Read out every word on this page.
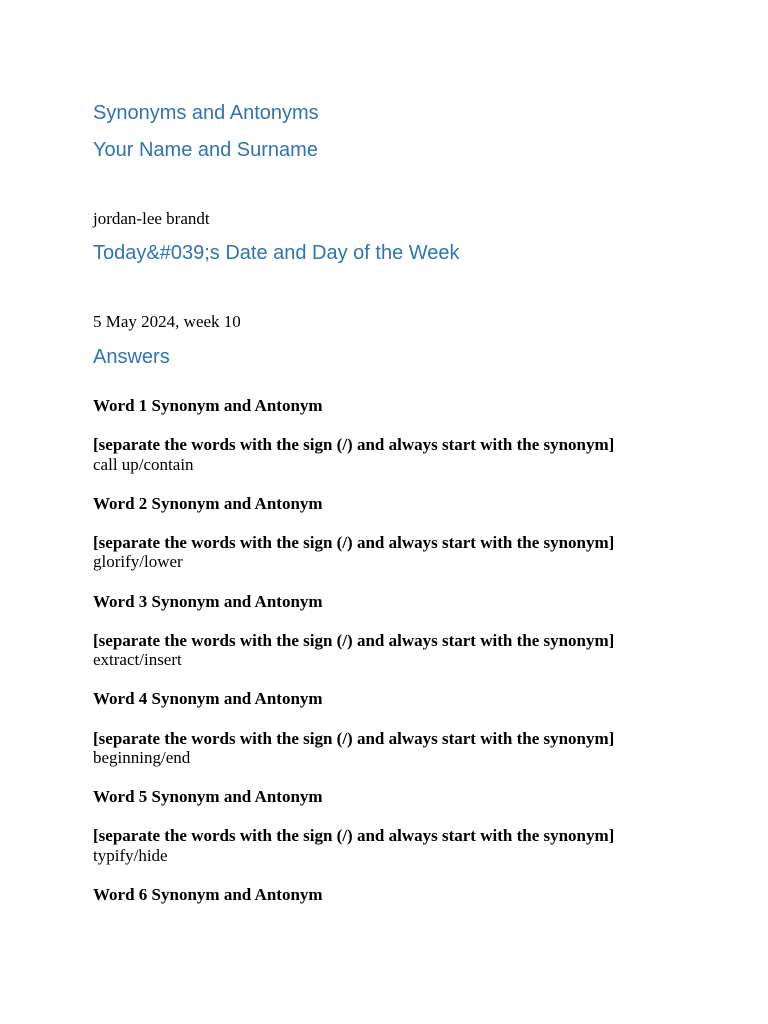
Synonyms and Antonyms
Your Name and Surname
jordan-lee brandt
Today&#039;s Date and Day of the Week
5 May 2024, week 10
Answers
Word 1 Synonym and Antonym
[separate the words with the sign (/) and always start with the synonym]
call up/contain
Word 2 Synonym and Antonym
[separate the words with the sign (/) and always start with the synonym]
glorify/lower
Word 3 Synonym and Antonym
[separate the words with the sign (/) and always start with the synonym]
extract/insert
Word 4 Synonym and Antonym
[separate the words with the sign (/) and always start with the synonym]
beginning/end
Word 5 Synonym and Antonym
[separate the words with the sign (/) and always start with the synonym]
typify/hide
Word 6 Synonym and Antonym
